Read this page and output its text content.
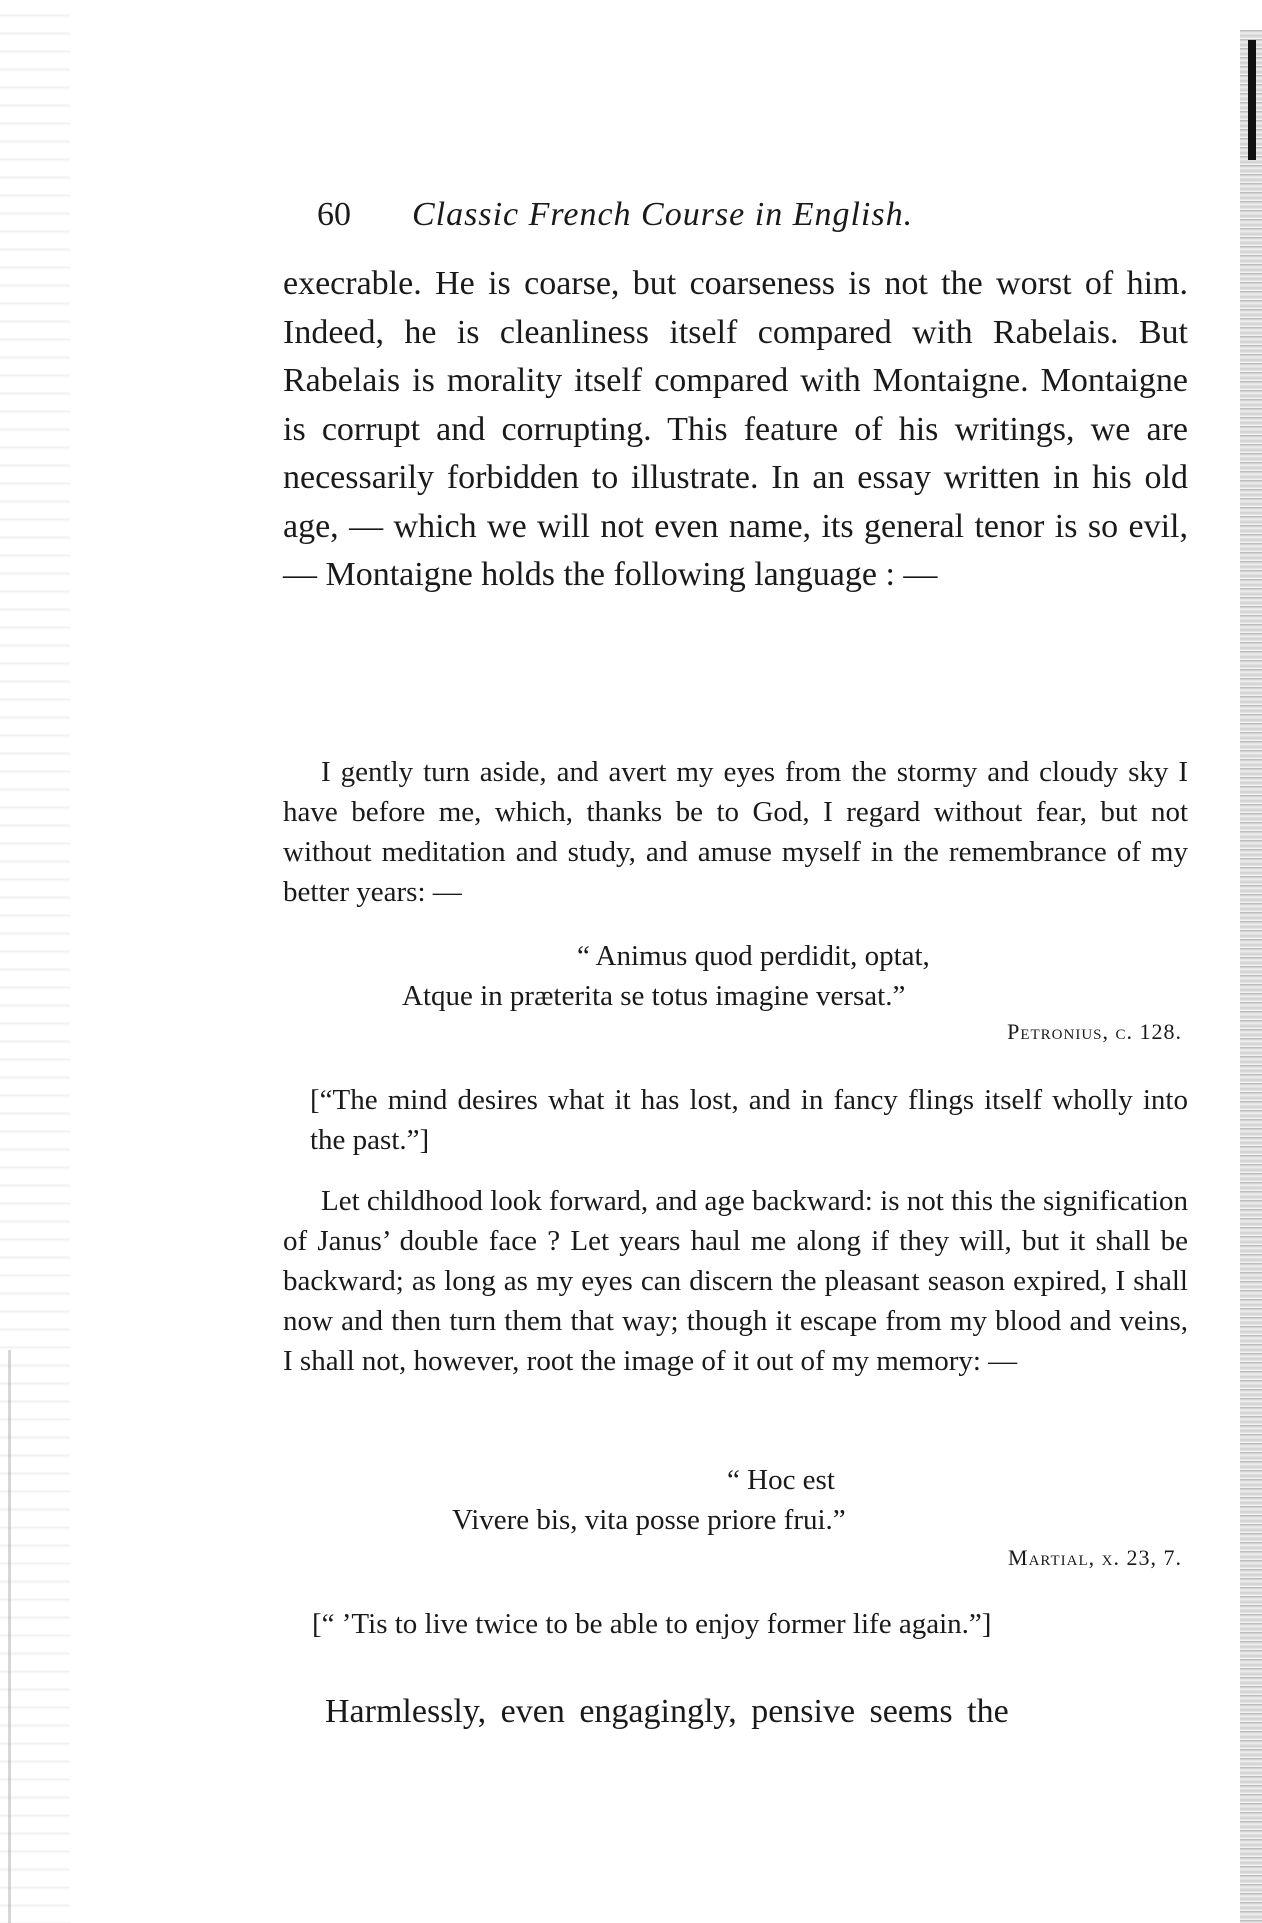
60 Classic French Course in English.

execrable. He is coarse, but coarseness is not the worst of him. Indeed, he is cleanliness itself compared with Rabelais. But Rabelais is morality itself compared with Montaigne. Montaigne is corrupt and corrupting. This feature of his writings, we are necessarily forbidden to illustrate. In an essay written in his old age, — which we will not even name, its general tenor is so evil, — Montaigne holds the following language : —

I gently turn aside, and avert my eyes from the stormy and cloudy sky I have before me, which, thanks be to God, I regard without fear, but not without meditation and study, and amuse myself in the remembrance of my better years: —

“ Animus quod perdidit, optat,
Atque in præterita se totus imagine versat.”
Petronius, c. 128.

[“The mind desires what it has lost, and in fancy flings itself wholly into the past.”]

Let childhood look forward, and age backward: is not this the signification of Janus’ double face ? Let years haul me along if they will, but it shall be backward; as long as my eyes can discern the pleasant season expired, I shall now and then turn them that way; though it escape from my blood and veins, I shall not, however, root the image of it out of my memory: —

“ Hoc est
Vivere bis, vita posse priore frui.”
Martial, x. 23, 7.

[“ ’Tis to live twice to be able to enjoy former life again.”]

Harmlessly, even engagingly, pensive seems the
